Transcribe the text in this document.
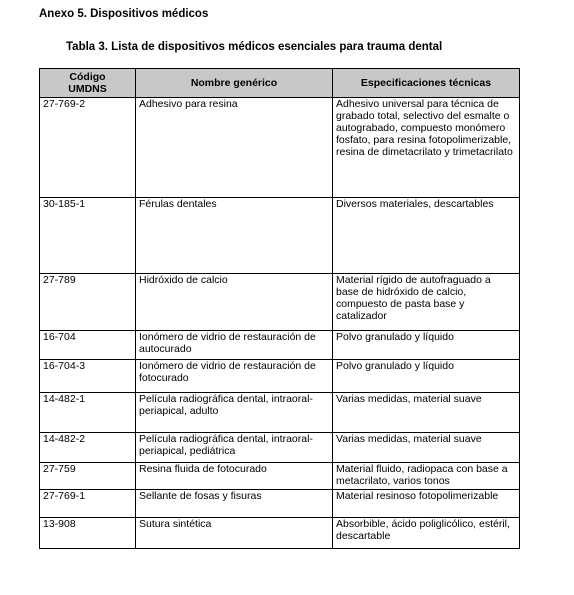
Anexo 5. Dispositivos médicos
Tabla 3. Lista de dispositivos médicos esenciales para trauma dental
Código
UMDNS	Nombre genérico	Especificaciones técnicas
27-769-2	Adhesivo para resina	Adhesivo universal para técnica de grabado total, selectivo del esmalte o autograbado, compuesto monómero fosfato, para resina fotopolimerizable, resina de dimetacrilato y trimetacrilato
30-185-1	Férulas dentales	Diversos materiales, descartables
27-789	Hidróxido de calcio	Material rígido de autofraguado a base de hidróxido de calcio, compuesto de pasta base y catalizador
16-704	Ionómero de vidrio de restauración de autocurado	Polvo granulado y líquido
16-704-3	Ionómero de vidrio de restauración de fotocurado	Polvo granulado y líquido
14-482-1	Película radiográfica dental, intraoral-periapical, adulto	Varias medidas, material suave
14-482-2	Película radiográfica dental, intraoral-periapical, pediátrica	Varias medidas, material suave
27-759	Resina fluida de fotocurado	Material fluido, radiopaca con base a metacrilato, varios tonos
27-769-1	Sellante de fosas y fisuras	Material resinoso fotopolimerizable
13-908	Sutura sintética	Absorbible, ácido poliglicólico, estéril, descartable
